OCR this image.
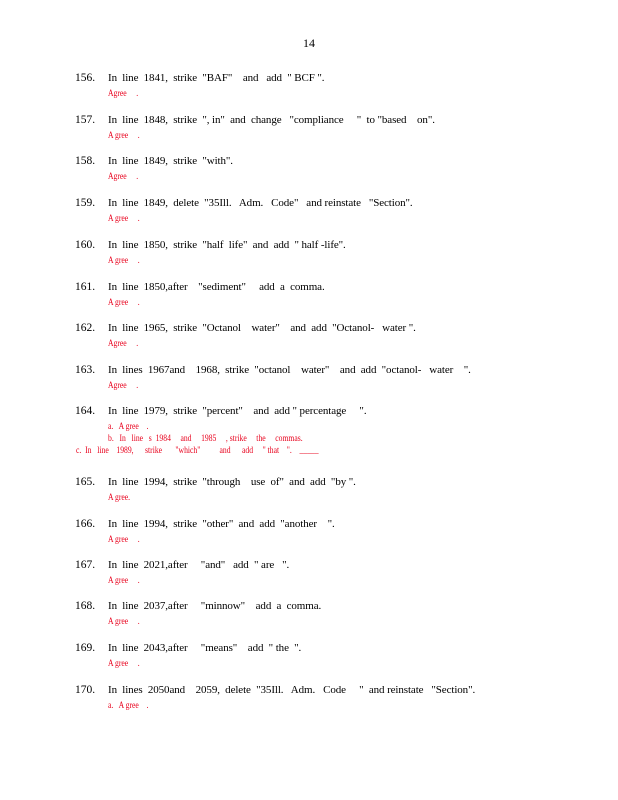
14
156. In  line  1841,  strike  "BAF"    and   add  " BCF ".
Agree     .
157. In  line  1848,  strike  ", in"  and  change   "compliance     "  to "based    on".
A gree     .
158. In  line  1849,  strike  "with".
Agree     .
159. In  line  1849,  delete  "35Ill.   Adm.   Code"   and reinstate   "Section".
A gree     .
160. In  line  1850,  strike  "half  life"  and  add  " half -life".
A gree     .
161. In  line  1850,after    "sediment"     add  a  comma.
A gree     .
162. In  line  1965,  strike  "Octanol    water"    and  add  "Octanol-   water ".
Agree     .
163. In  lines  1967and    1968,  strike  "octanol    water"    and  add  "octanol-   water    ".
Agree     .
164. In  line  1979,  strike  "percent"    and  add " percentage     ".
a.   A gree    .
b.   In   line   s  1984     and     1985     , strike     the     commas.
c.  In   line    1989,      strike       "which"          and      add     " that    ".    _____
165. In  line  1994,  strike  "through    use  of"  and  add  "by ".
A gree.
166. In  line  1994,  strike  "other"  and  add  "another    ".
A gree     .
167. In  line  2021,after     "and"   add  " are   ".
A gree     .
168. In  line  2037,after     "minnow"    add  a  comma.
A gree     .
169. In  line  2043,after     "means"    add  " the  ".
A gree     .
170. In  lines  2050and    2059,  delete  "35Ill.   Adm.   Code     "  and reinstate   "Section".
a.   A gree    .
